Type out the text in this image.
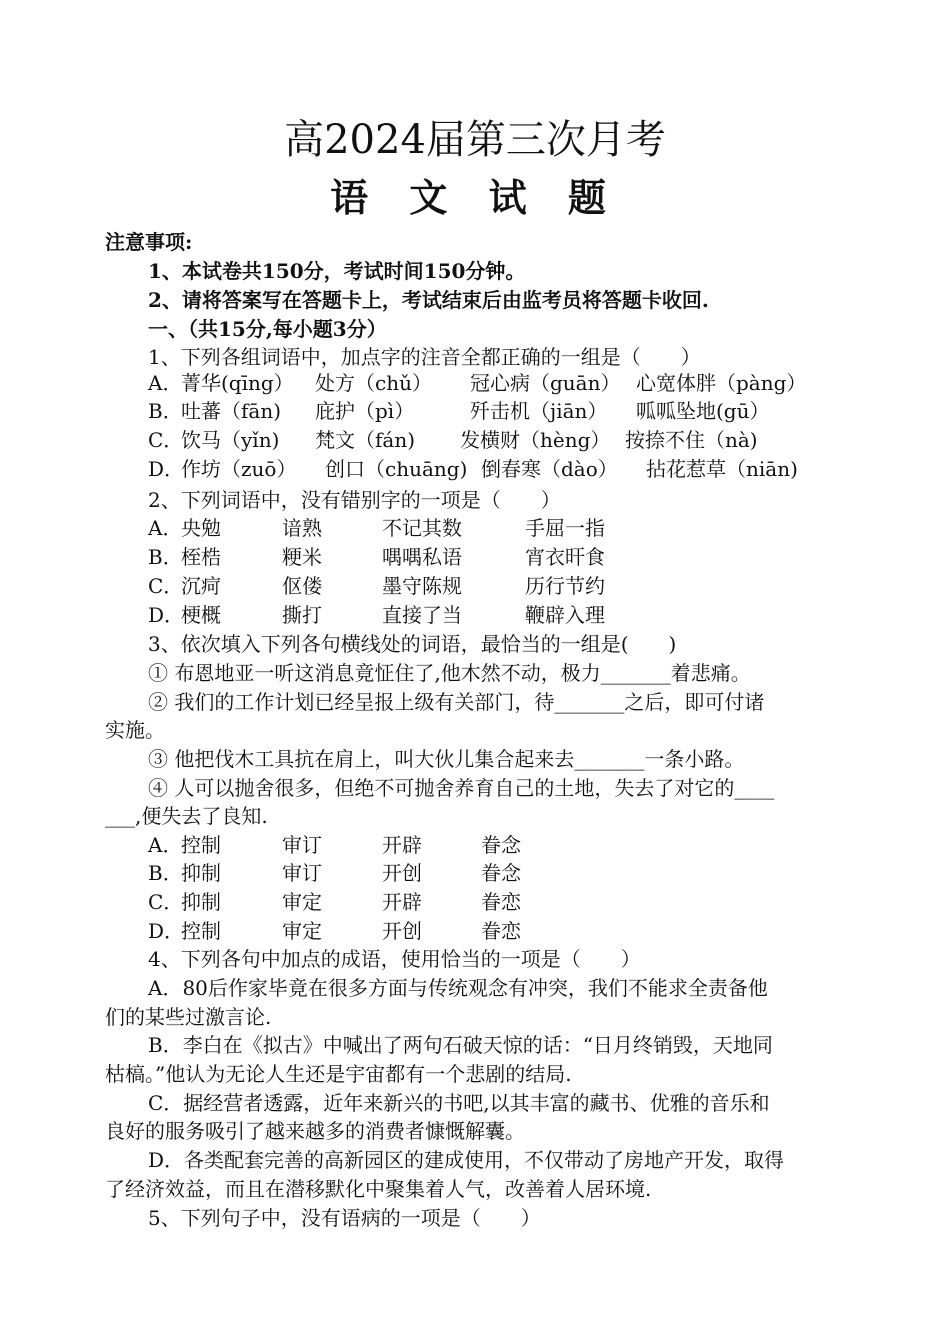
高2024届第三次月考
语 文 试 题
注意事项:
1、本试卷共150分，考试时间150分钟。
2、请将答案写在答题卡上，考试结束后由监考员将答题卡收回.
一、（共15分,每小题3分）
1、下列各组词语中，加点字的注音全都正确的一组是（　　）
A．
菁华(qīng） 处方（chǔ） 冠心病（guān） 心宽体胖（pàng）
B．
吐蕃（fān) 庇护（pì）	歼击机（jiān） 呱呱坠地(gū）
C．
饮马（yǐn) 梵文（fán) 发横财（hèng） 按捺不住（nà)
D．
作坊（zuō） 创口（chuāng) 倒春寒（dào） 拈花惹草（niān)
2、下列词语中，没有错别字的一项是（　　）
A．
央勉	谙熟	不记其数	手屈一指
B．
桎梏	粳米	喁喁私语	宵衣旰食
C．
沉疴	伛偻	墨守陈规	历行节约
D．
梗概	撕打	直接了当	鞭辟入理
3、依次填入下列各句横线处的词语，最恰当的一组是(　　)
① 布恩地亚一听这消息竟怔住了,他木然不动，极力_______着悲痛。
② 我们的工作计划已经呈报上级有关部门，待_______之后，即可付诸
实施。
③ 他把伐木工具抗在肩上，叫大伙儿集合起来去_______一条小路。
④ 人可以抛舍很多，但绝不可抛舍养育自己的土地，失去了对它的____
___,便失去了良知.
A．
控制	审订	开辟	眷念
B．
抑制	审订	开创	眷念
C．
抑制	审定	开辟	眷恋
D．
控制	审定	开创	眷恋
4、下列各句中加点的成语，使用恰当的一项是（　　）
A．80后作家毕竟在很多方面与传统观念有冲突，我们不能求全责备他
们的某些过激言论.
B．李白在《拟古》中喊出了两句石破天惊的话：“日月终销毁，天地同
枯槁。”他认为无论人生还是宇宙都有一个悲剧的结局.
C．据经营者透露，近年来新兴的书吧,以其丰富的藏书、优雅的音乐和
良好的服务吸引了越来越多的消费者慷慨解囊。
D．各类配套完善的高新园区的建成使用，不仅带动了房地产开发，取得
了经济效益，而且在潜移默化中聚集着人气，改善着人居环境.
5、下列句子中，没有语病的一项是（　　）
